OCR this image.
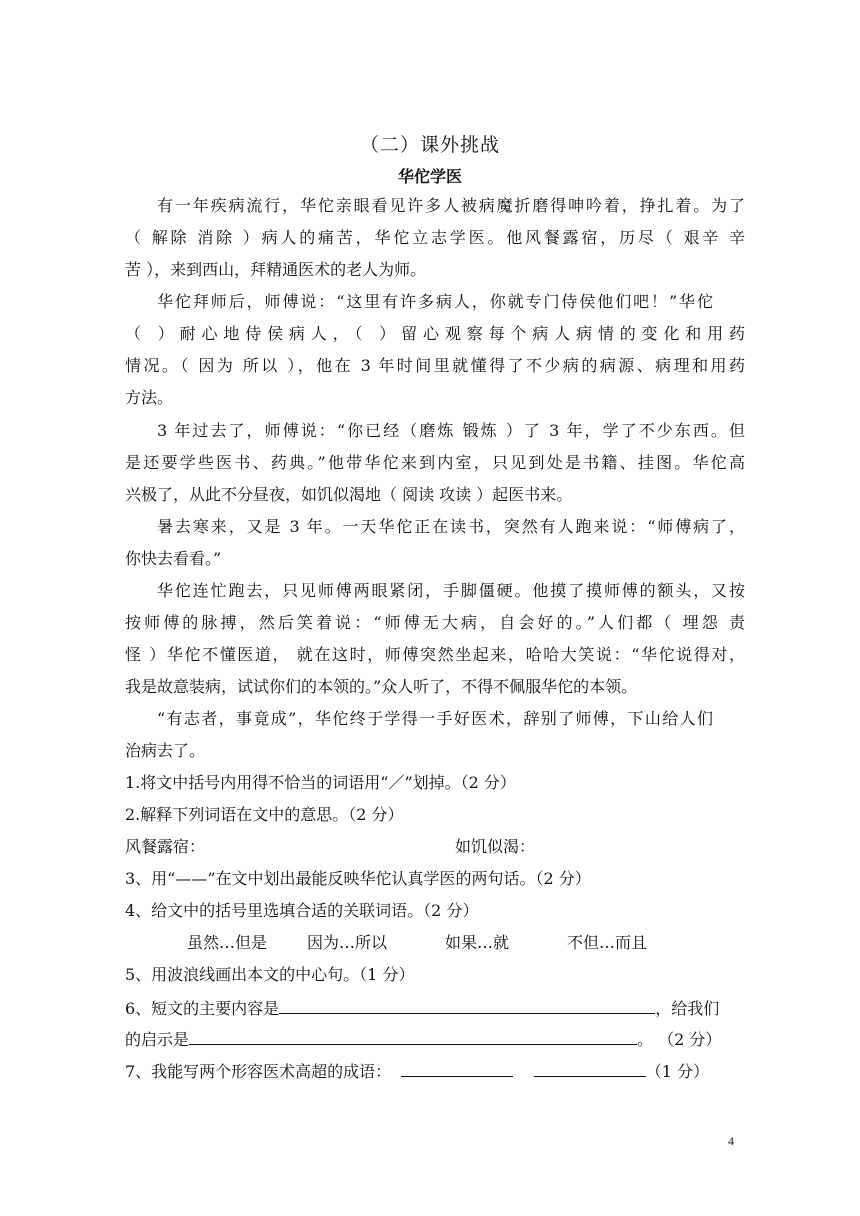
（二）课外挑战
华佗学医
有一年疾病流行，华佗亲眼看见许多人被病魔折磨得呻吟着，挣扎着。为了
（ 解除 消除 ）病人的痛苦，华佗立志学医。他风餐露宿，历尽（ 艰辛 辛
苦 ），来到西山，拜精通医术的老人为师。
华佗拜师后，师傅说：“这里有许多病人，你就专门侍侯他们吧！”华佗
（ ）耐心地侍侯病人，（ ）留心观察每个病人病情的变化和用药
情况。（ 因为 所以 ），他在 3 年时间里就懂得了不少病的病源、病理和用药
方法。
3 年过去了，师傅说：“你已经（磨炼 锻炼 ）了 3 年，学了不少东西。但
是还要学些医书、药典。”他带华佗来到内室，只见到处是书籍、挂图。华佗高
兴极了，从此不分昼夜，如饥似渴地（ 阅读 攻读 ）起医书来。
暑去寒来，又是 3 年。一天华佗正在读书，突然有人跑来说：“师傅病了，
你快去看看。”
华佗连忙跑去，只见师傅两眼紧闭，手脚僵硬。他摸了摸师傅的额头，又按
按师傅的脉搏，然后笑着说：“师傅无大病，自会好的。”人们都（ 埋怨 责
怪 ）华佗不懂医道， 就在这时，师傅突然坐起来，哈哈大笑说：“华佗说得对，
我是故意装病，试试你们的本领的。”众人听了，不得不佩服华佗的本领。
“有志者，事竟成”，华佗终于学得一手好医术，辞别了师傅，下山给人们
治病去了。
1.将文中括号内用得不恰当的词语用“／”划掉。（2 分）
2.解释下列词语在文中的意思。（2 分）
风餐露宿：	如饥似渴：
3、用“——”在文中划出最能反映华佗认真学医的两句话。（2 分）
4、给文中的括号里选填合适的关联词语。（2 分）
虽然…但是 因为…所以	如果…就	不但…而且
5、用波浪线画出本文的中心句。（1 分）
6、短文的主要内容是	，给我们
的启示是	。 （2 分）
7、我能写两个形容医术高超的成语：	（1 分）
4
